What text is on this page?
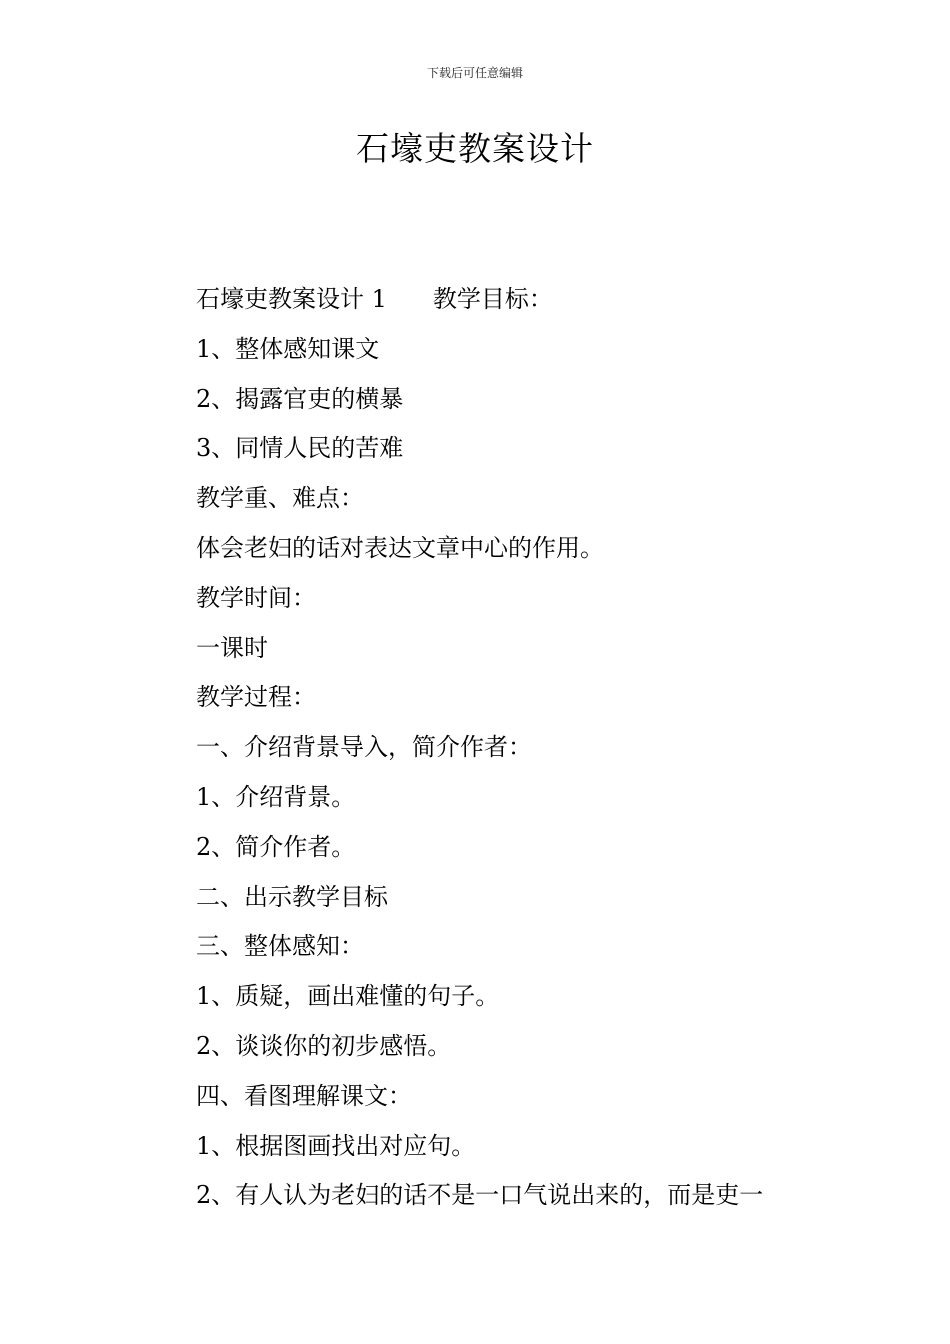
下载后可任意编辑
石壕吏教案设计
石壕吏教案设计 1 教学目标：
1、整体感知课文
2、揭露官吏的横暴
3、同情人民的苦难
教学重、难点：
体会老妇的话对表达文章中心的作用。
教学时间：
一课时
教学过程：
一、介绍背景导入，简介作者：
1、介绍背景。
2、简介作者。
二、出示教学目标
三、整体感知：
1、质疑，画出难懂的句子。
2、谈谈你的初步感悟。
四、看图理解课文：
1、根据图画找出对应句。
2、有人认为老妇的话不是一口气说出来的，而是吏一
